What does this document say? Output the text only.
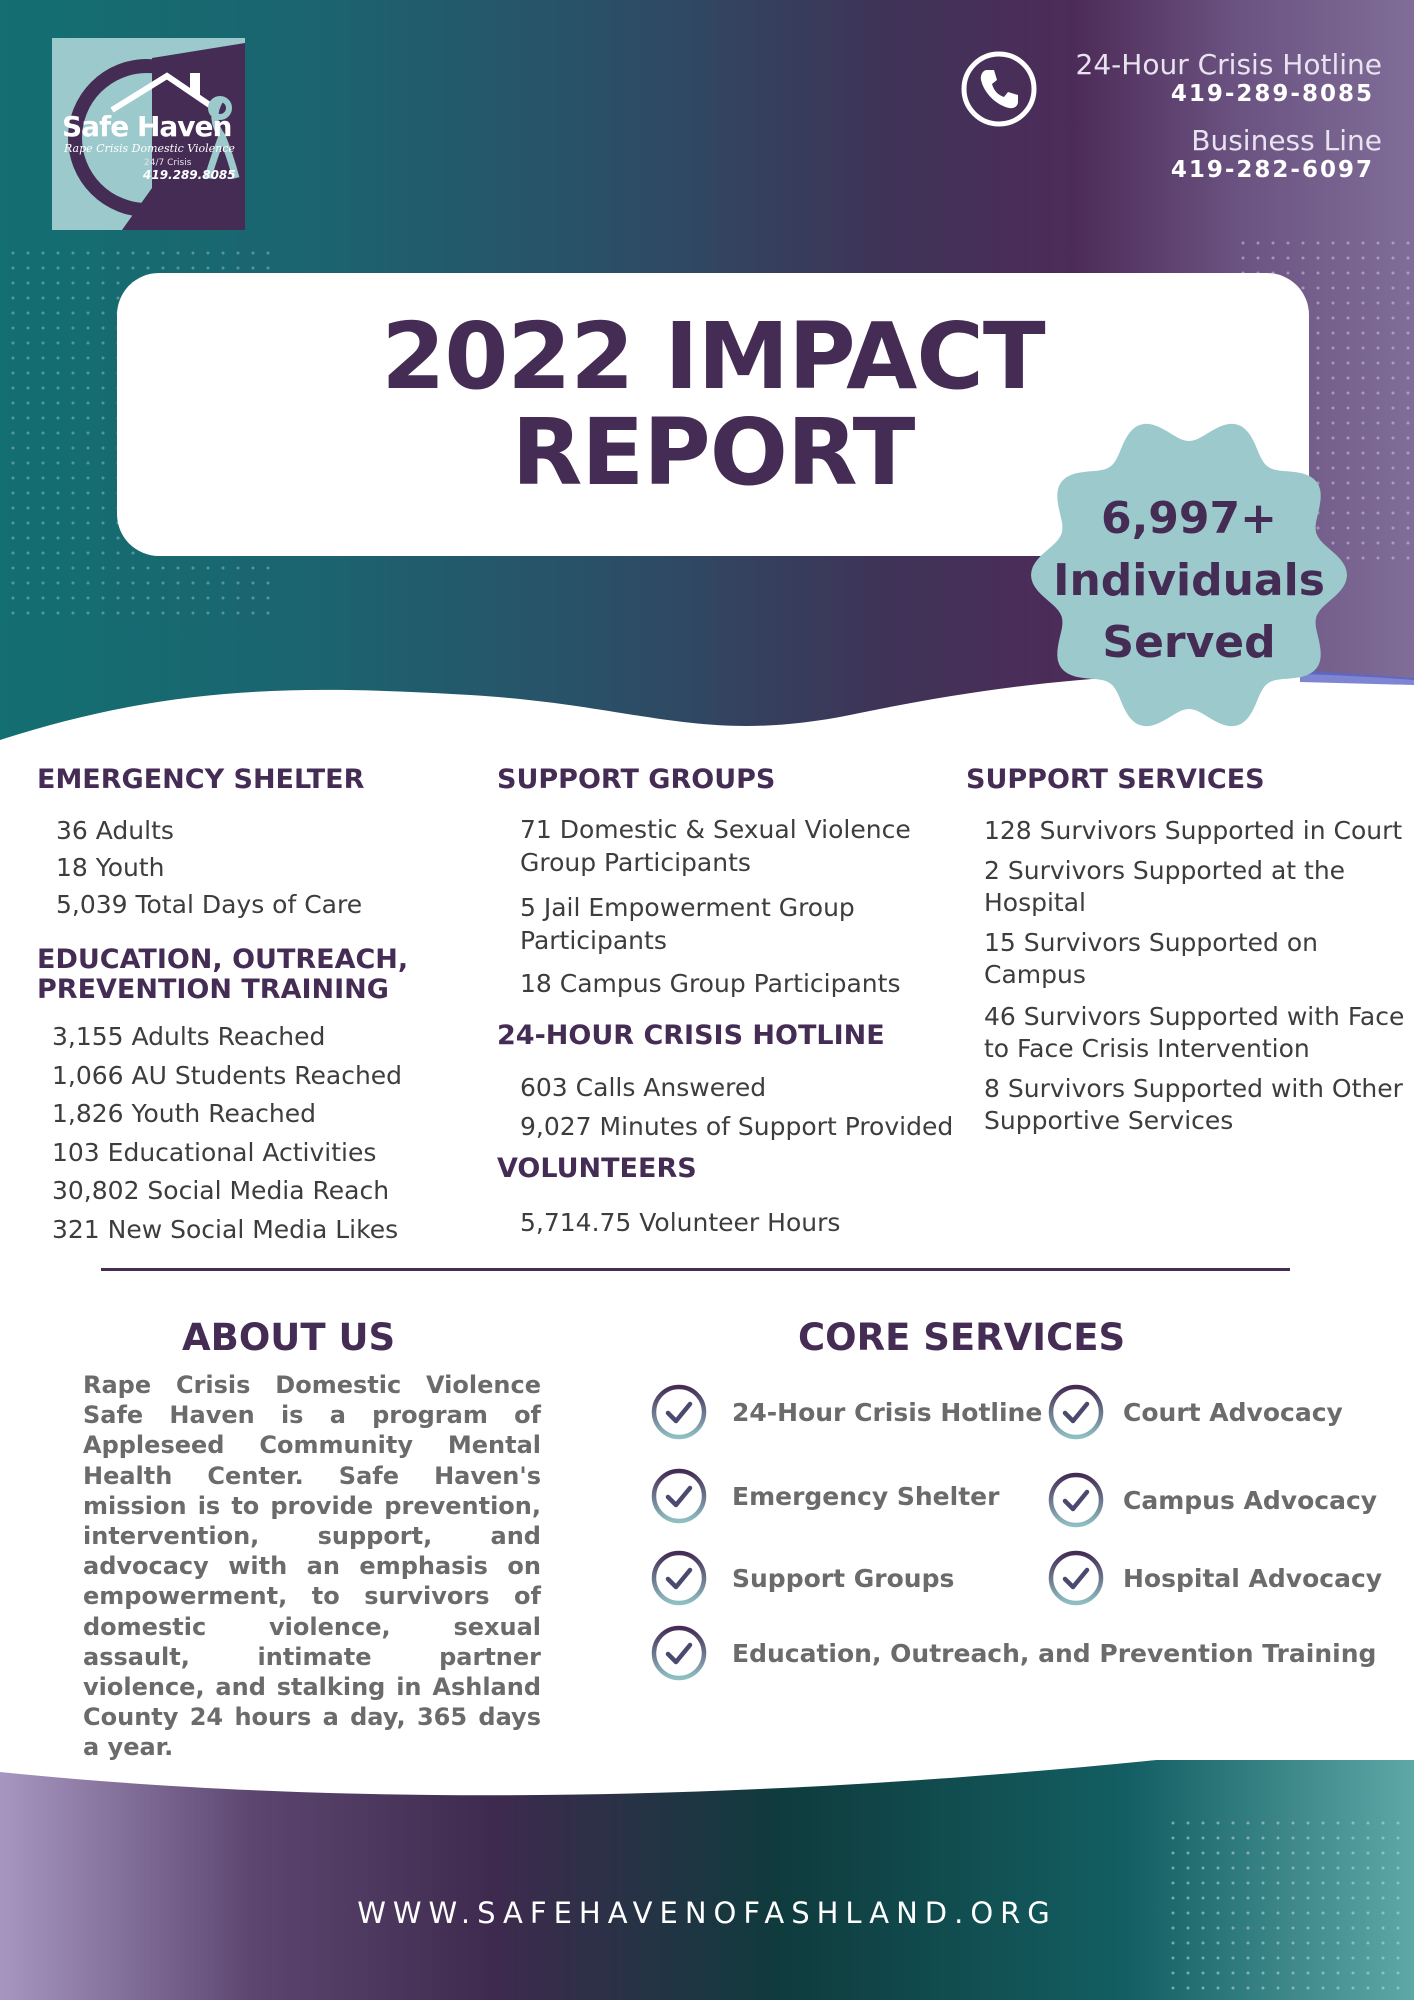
Safe Haven
Rape Crisis Domestic Violence
24/7 Crisis
419.289.8085
24-Hour Crisis Hotline
419-289-8085
Business Line
419-282-6097
2022 IMPACT
REPORT
6,997+
Individuals
Served
EMERGENCY SHELTER
36 Adults
18 Youth
5,039 Total Days of Care
EDUCATION, OUTREACH,
PREVENTION TRAINING
3,155 Adults Reached
1,066 AU Students Reached
1,826 Youth Reached
103 Educational Activities
30,802 Social Media Reach
321 New Social Media Likes
SUPPORT GROUPS
71 Domestic & Sexual Violence Group Participants
5 Jail Empowerment Group Participants
18 Campus Group Participants
24-HOUR CRISIS HOTLINE
603 Calls Answered
9,027 Minutes of Support Provided
VOLUNTEERS
5,714.75 Volunteer Hours
SUPPORT SERVICES
128 Survivors Supported in Court
2 Survivors Supported at the Hospital
15 Survivors Supported on Campus
46 Survivors Supported with Face to Face Crisis Intervention
8 Survivors Supported with Other Supportive Services
ABOUT US
Rape Crisis Domestic Violence Safe Haven is a program of Appleseed Community Mental Health Center. Safe Haven's mission is to provide prevention, intervention, support, and advocacy with an emphasis on empowerment, to survivors of domestic violence, sexual assault, intimate partner violence, and stalking in Ashland County 24 hours a day, 365 days a year.
CORE SERVICES
24-Hour Crisis Hotline	Court Advocacy
Emergency Shelter	Campus Advocacy
Support Groups	Hospital Advocacy
Education, Outreach, and Prevention Training
WWW.SAFEHAVENOFASHLAND.ORG
